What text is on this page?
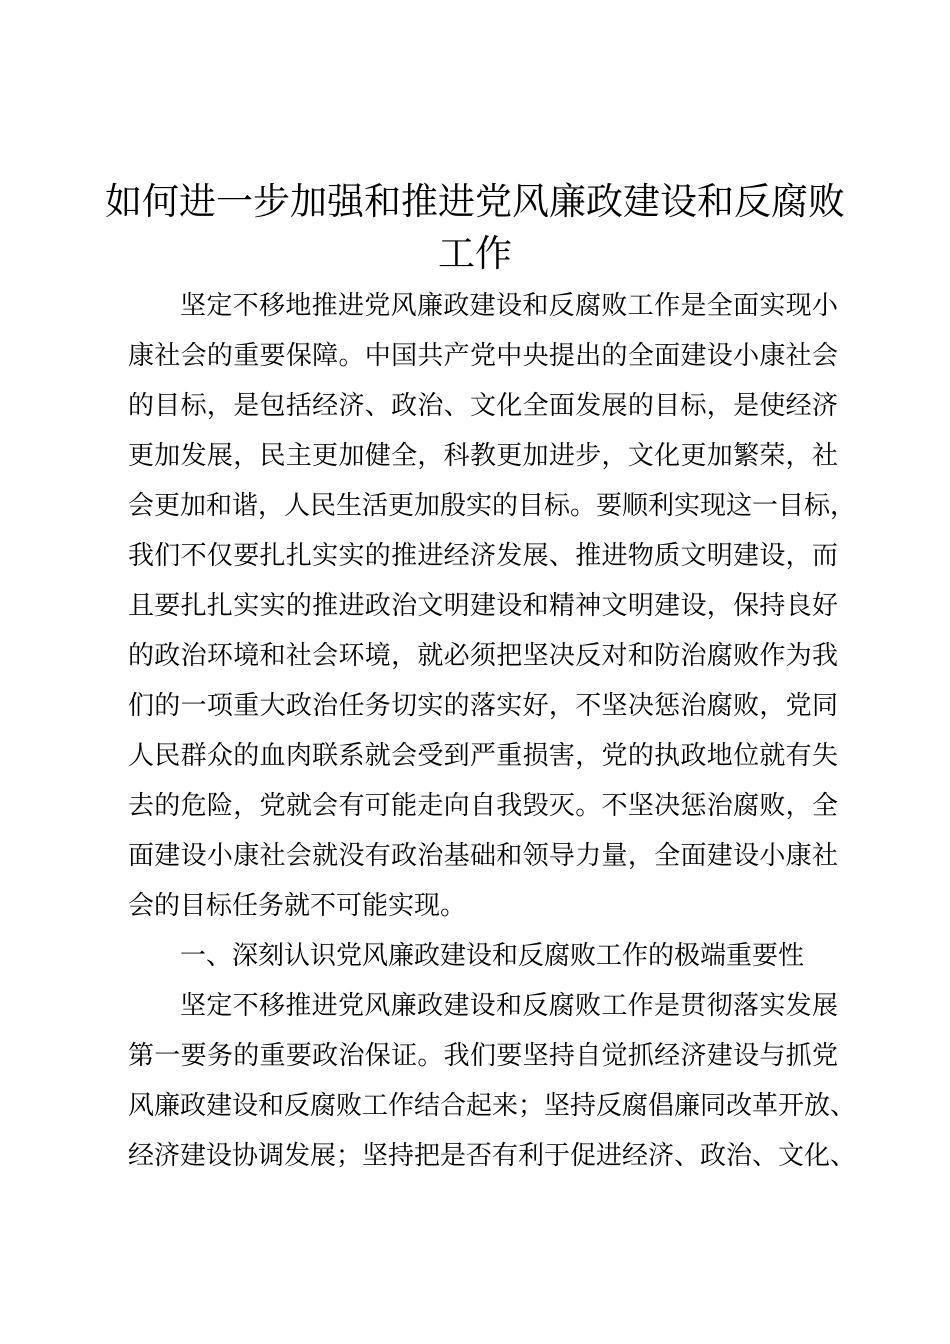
如何进一步加强和推进党风廉政建设和反腐败
工作
坚定不移地推进党风廉政建设和反腐败工作是全面实现小
康社会的重要保障。中国共产党中央提出的全面建设小康社会
的目标，是包括经济、政治、文化全面发展的目标，是使经济
更加发展，民主更加健全，科教更加进步，文化更加繁荣，社
会更加和谐，人民生活更加殷实的目标。要顺利实现这一目标，
我们不仅要扎扎实实的推进经济发展、推进物质文明建设，而
且要扎扎实实的推进政治文明建设和精神文明建设，保持良好
的政治环境和社会环境，就必须把坚决反对和防治腐败作为我
们的一项重大政治任务切实的落实好，不坚决惩治腐败，党同
人民群众的血肉联系就会受到严重损害，党的执政地位就有失
去的危险，党就会有可能走向自我毁灭。不坚决惩治腐败，全
面建设小康社会就没有政治基础和领导力量，全面建设小康社
会的目标任务就不可能实现。
一、深刻认识党风廉政建设和反腐败工作的极端重要性
坚定不移推进党风廉政建设和反腐败工作是贯彻落实发展
第一要务的重要政治保证。我们要坚持自觉抓经济建设与抓党
风廉政建设和反腐败工作结合起来；坚持反腐倡廉同改革开放、
经济建设协调发展；坚持把是否有利于促进经济、政治、文化、
